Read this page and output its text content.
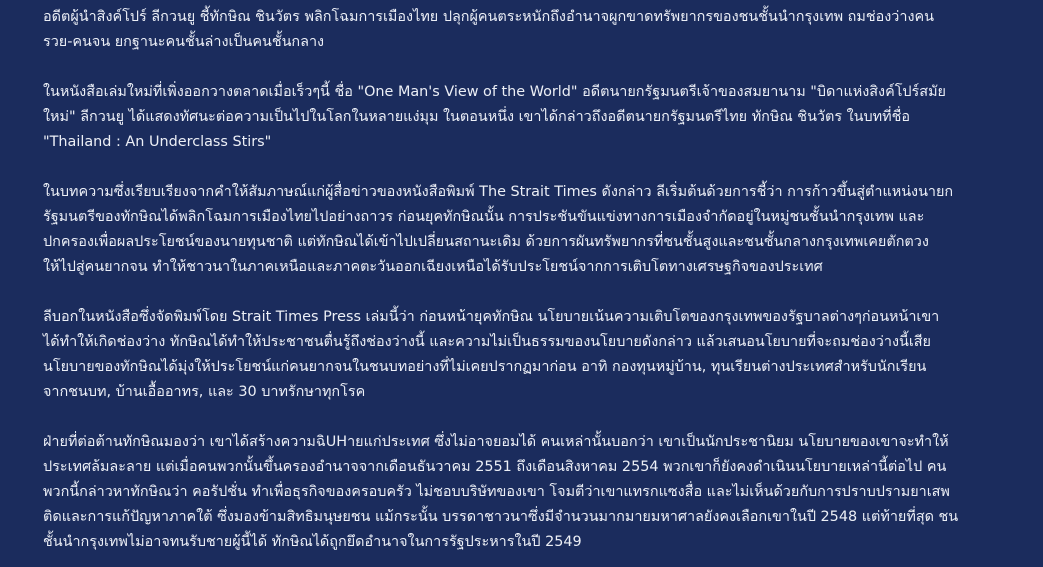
อดีตผู้นำสิงค์โปร์ ลีกวนยู ชี้ทักษิณ ชินวัตร พลิกโฉมการเมืองไทย ปลุกผู้คนตระหนักถึงอำนาจผูกขาดทรัพยากรของชนชั้นนำกรุงเทพ ถมช่องว่างคน
รวย-คนจน ยกฐานะคนชั้นล่างเป็นคนชั้นกลาง
ในหนังสือเล่มใหม่ที่เพิ่งออกวางตลาดเมื่อเร็วๆนี้ ชื่อ "One Man's View of the World" อดีตนายกรัฐมนตรีเจ้าของสมยานาม "บิดาแห่งสิงค์โปร์สมัย
ใหม่" ลีกวนยู ได้แสดงทัศนะต่อความเป็นไปในโลกในหลายแง่มุม ในตอนหนึ่ง เขาได้กล่าวถึงอดีตนายกรัฐมนตรีไทย ทักษิณ ชินวัตร ในบทที่ชื่อ
"Thailand : An Underclass Stirs"
ในบทความซึ่งเรียบเรียงจากคำให้สัมภาษณ์แก่ผู้สื่อข่าวของหนังสือพิมพ์ The Strait Times ดังกล่าว ลีเริ่มต้นด้วยการชี้ว่า การก้าวขึ้นสู่ตำแหน่งนายก
รัฐมนตรีของทักษิณได้พลิกโฉมการเมืองไทยไปอย่างถาวร ก่อนยุคทักษิณนั้น การประชันขันแข่งทางการเมืองจำกัดอยู่ในหมู่ชนชั้นนำกรุงเทพ และ
ปกครองเพื่อผลประโยชน์ของนายทุนชาติ แต่ทักษิณได้เข้าไปเปลี่ยนสถานะเดิม ด้วยการผันทรัพยากรที่ชนชั้นสูงและชนชั้นกลางกรุงเทพเคยตักตวง
ให้ไปสู่คนยากจน ทำให้ชาวนาในภาคเหนือและภาคตะวันออกเฉียงเหนือได้รับประโยชน์จากการเติบโตทางเศรษฐกิจของประเทศ
ลีบอกในหนังสือซึ่งจัดพิมพ์โดย Strait Times Press เล่มนี้ว่า ก่อนหน้ายุคทักษิณ นโยบายเน้นความเติบโตของกรุงเทพของรัฐบาลต่างๆก่อนหน้าเขา
ได้ทำให้เกิดช่องว่าง ทักษิณได้ทำให้ประชาชนตื่นรู้ถึงช่องว่างนี้ และความไม่เป็นธรรมของนโยบายดังกล่าว แล้วเสนอนโยบายที่จะถมช่องว่างนี้เสีย
นโยบายของทักษิณได้มุ่งให้ประโยชน์แก่คนยากจนในชนบทอย่างที่ไม่เคยปรากฏมาก่อน อาทิ กองทุนหมู่บ้าน, ทุนเรียนต่างประเทศสำหรับนักเรียน
จากชนบท, บ้านเอื้ออาทร, และ 30 บาทรักษาทุกโรค
ฝ่ายที่ต่อต้านทักษิณมองว่า เขาได้สร้างความฉิUHายแก่ประเทศ ซึ่งไม่อาจยอมได้ คนเหล่านั้นบอกว่า เขาเป็นนักประชานิยม นโยบายของเขาจะทำให้
ประเทศล้มละลาย แต่เมื่อคนพวกนั้นขึ้นครองอำนาจจากเดือนธันวาคม 2551 ถึงเดือนสิงหาคม 2554 พวกเขาก็ยังคงดำเนินนโยบายเหล่านี้ต่อไป คน
พวกนี้กล่าวหาทักษิณว่า คอรัปชั่น ทำเพื่อธุรกิจของครอบครัว ไม่ชอบบริษัทของเขา โจมตีว่าเขาแทรกแซงสื่อ และไม่เห็นด้วยกับการปราบปรามยาเสพ
ติดและการแก้ปัญหาภาคใต้ ซึ่งมองข้ามสิทธิมนุษยชน แม้กระนั้น บรรดาชาวนาซึ่งมีจำนวนมากมายมหาศาลยังคงเลือกเขาในปี 2548 แต่ท้ายที่สุด ชน
ชั้นนำกรุงเทพไม่อาจทนรับชายผู้นี้ได้ ทักษิณได้ถูกยึดอำนาจในการรัฐประหารในปี 2549
